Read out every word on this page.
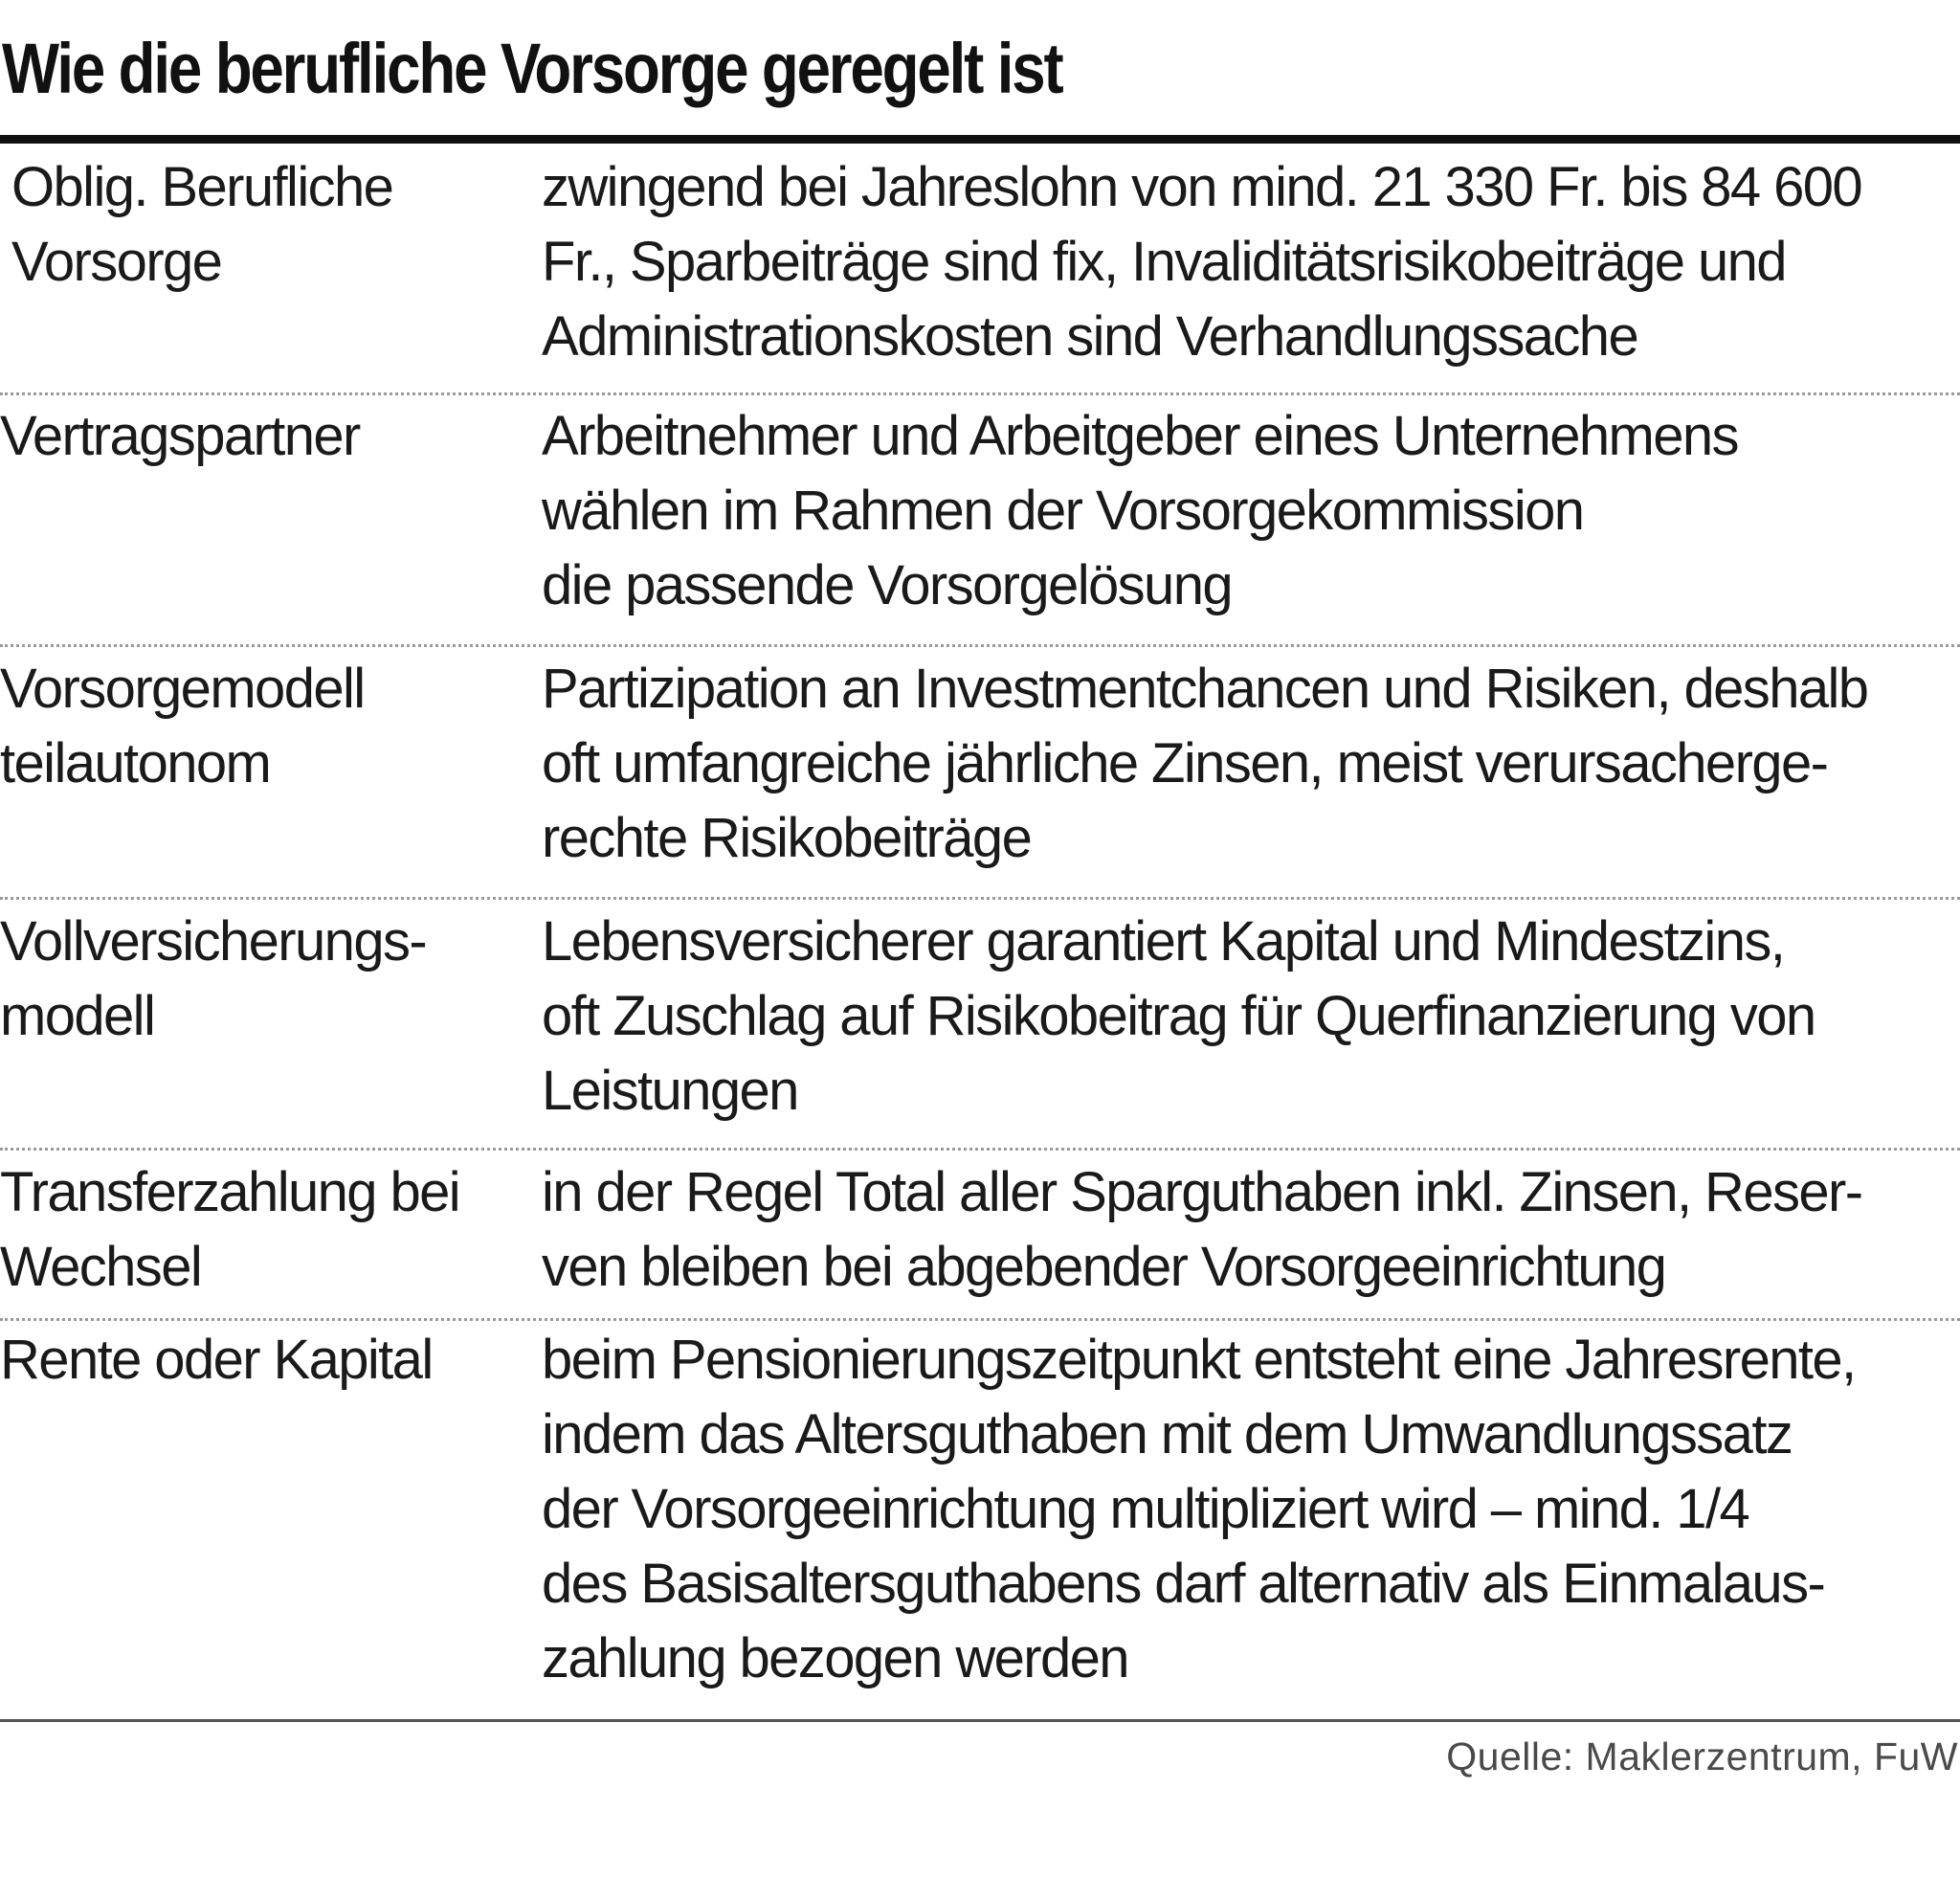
Wie die berufliche Vorsorge geregelt ist
Oblig. Berufliche
Vorsorge
zwingend bei Jahreslohn von mind. 21 330 Fr. bis 84 600
Fr., Sparbeiträge sind fix, Invaliditätsrisikobeiträge und
Administrationskosten sind Verhandlungssache
Vertragspartner	Arbeitnehmer und Arbeitgeber eines Unternehmens
wählen im Rahmen der Vorsorgekommission
die passende Vorsorgelösung
Vorsorgemodell
teilautonom
Partizipation an Investmentchancen und Risiken, deshalb
oft umfangreiche jährliche Zinsen, meist verursacherge-
rechte Risikobeiträge
Vollversicherungs-
modell
Lebensversicherer garantiert Kapital und Mindestzins,
oft Zuschlag auf Risikobeitrag für Querfinanzierung von
Leistungen
Transferzahlung bei
Wechsel
in der Regel Total aller Sparguthaben inkl. Zinsen, Reser-
ven bleiben bei abgebender Vorsorgeeinrichtung
Rente oder Kapital	beim Pensionierungszeitpunkt entsteht eine Jahresrente,
indem das Altersguthaben mit dem Umwandlungssatz
der Vorsorgeeinrichtung multipliziert wird – mind. 1/4
des Basisaltersguthabens darf alternativ als Einmalaus-
zahlung bezogen werden
Quelle: Maklerzentrum, FuW
